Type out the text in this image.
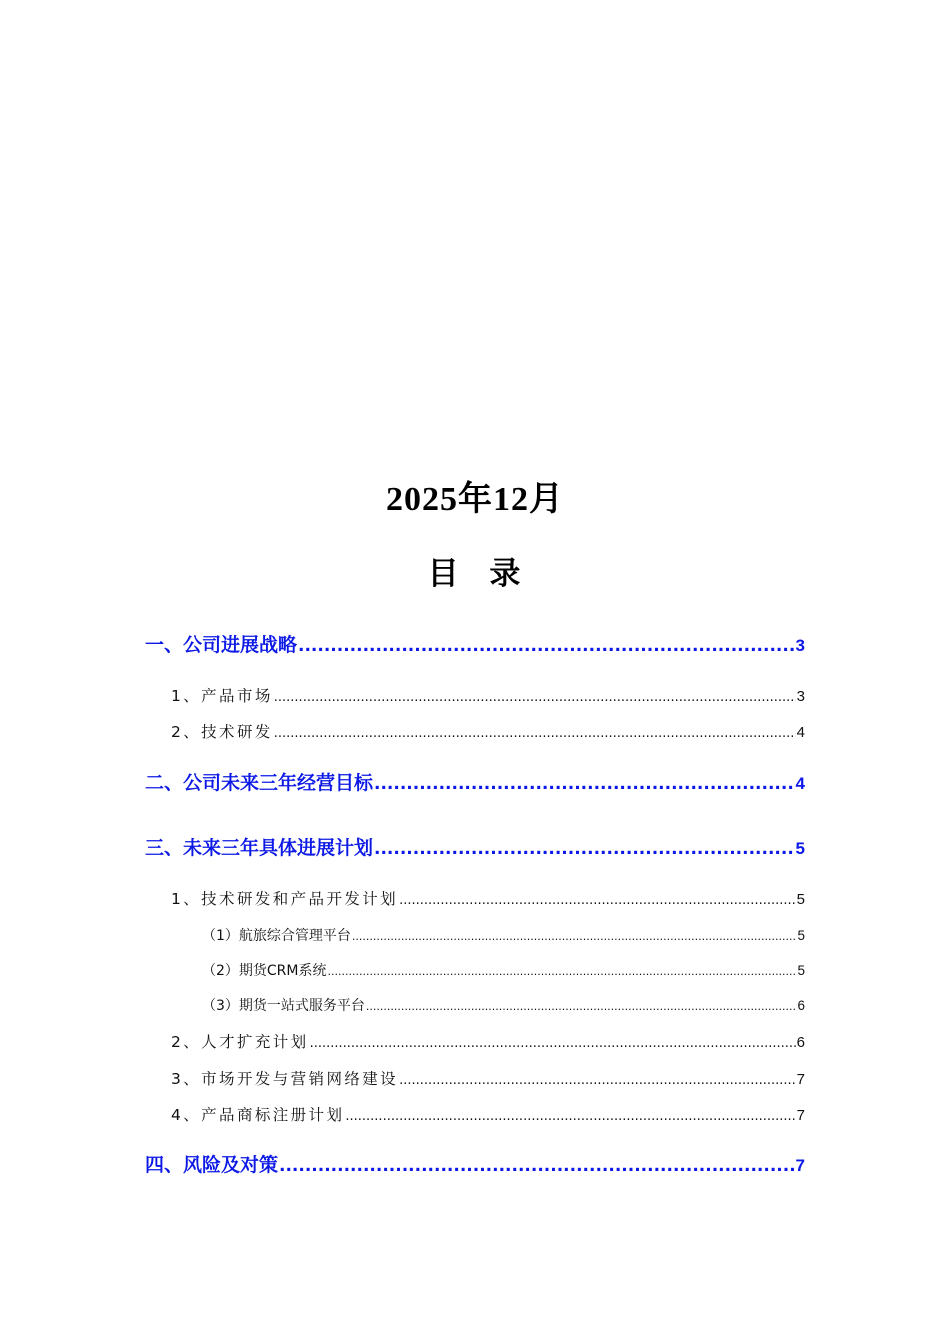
2025年12月
目 录
一、公司进展战略 .....	3
1、产品市场 .....	3
2、技术研发 .....	4
二、公司未来三年经营目标 .....	4
三、未来三年具体进展计划 .....	5
1、技术研发和产品开发计划 .....	5
（1）航旅综合管理平台 .....	5
（2）期货CRM系统 .....	5
（3）期货一站式服务平台 .....	6
2、人才扩充计划 .....	6
3、市场开发与营销网络建设 .....	7
4、产品商标注册计划 .....	7
四、风险及对策 .....	7
